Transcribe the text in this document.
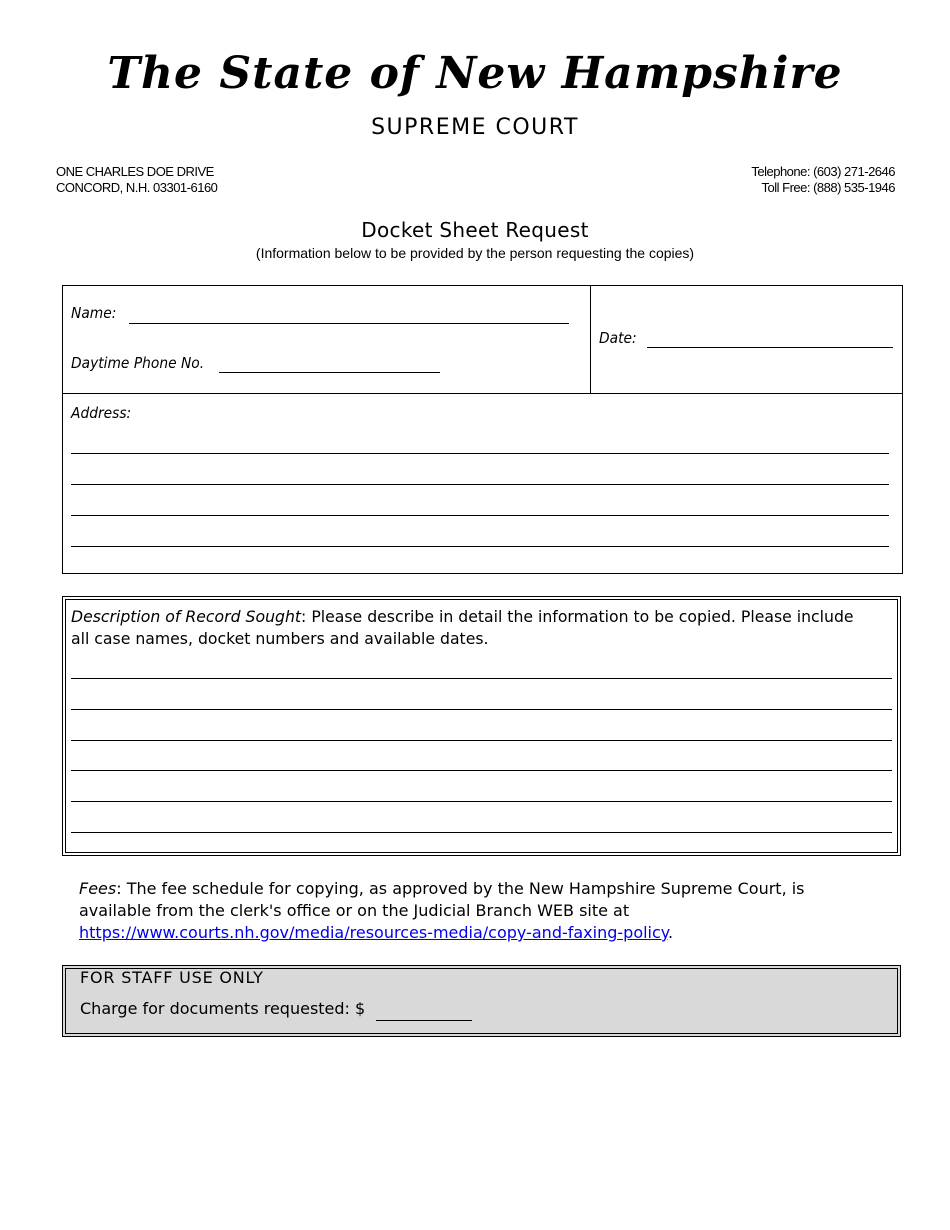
The State of New Hampshire
SUPREME COURT
ONE CHARLES DOE DRIVE
CONCORD, N.H. 03301-6160
Telephone: (603) 271-2646
Toll Free: (888) 535-1946
Docket Sheet Request
(Information below to be provided by the person requesting the copies)
Name:
Daytime Phone No.
Date:
Address:
Description of Record Sought: Please describe in detail the information to be copied. Please include all case names, docket numbers and available dates.
Fees: The fee schedule for copying, as approved by the New Hampshire Supreme Court, is available from the clerk's office or on the Judicial Branch WEB site at
https://www.courts.nh.gov/media/resources-media/copy-and-faxing-policy.
FOR STAFF USE ONLY
Charge for documents requested: $
